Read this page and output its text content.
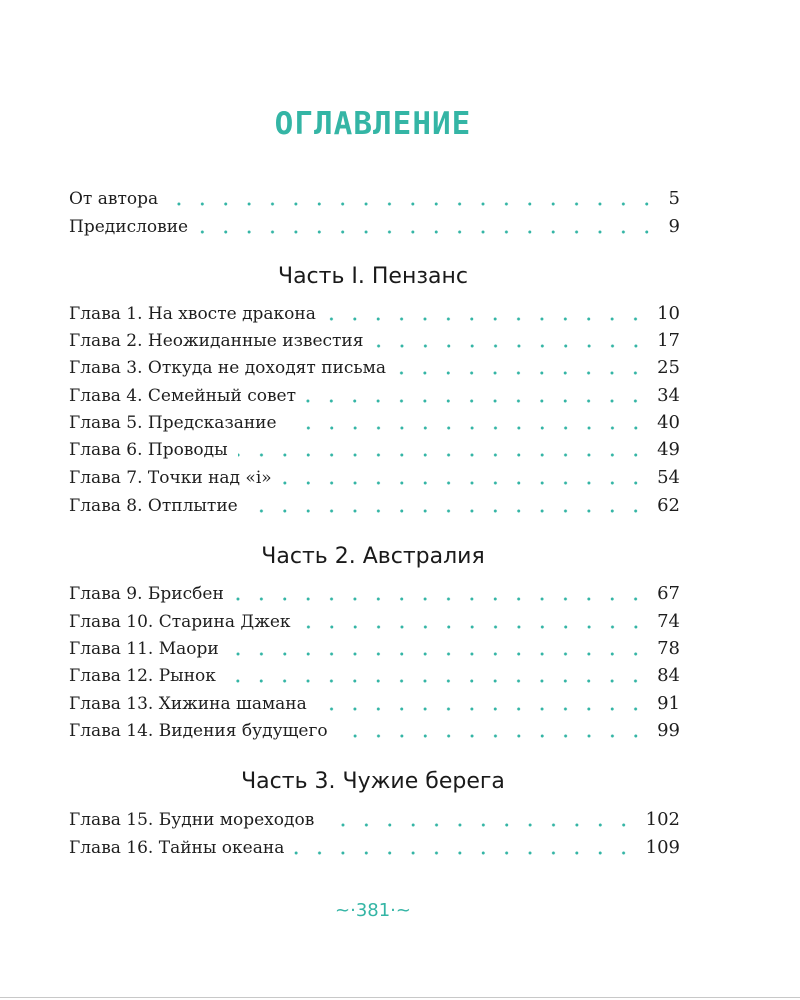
ОГЛАВЛЕНИЕ
От автора	5
Предисловие	9
Часть I. Пензанс
Глава 1. На хвосте дракона	10
Глава 2. Неожиданные известия	17
Глава 3. Откуда не доходят письма	25
Глава 4. Семейный совет	34
Глава 5. Предсказание	40
Глава 6. Проводы	49
Глава 7. Точки над «і»	54
Глава 8. Отплытие	62
Часть 2. Австралия
Глава 9. Брисбен	67
Глава 10. Старина Джек	74
Глава 11. Маори	78
Глава 12. Рынок	84
Глава 13. Хижина шамана	91
Глава 14. Видения будущего	99
Часть 3. Чужие берега
Глава 15. Будни мореходов	102
Глава 16. Тайны океана	109
~·381·~
